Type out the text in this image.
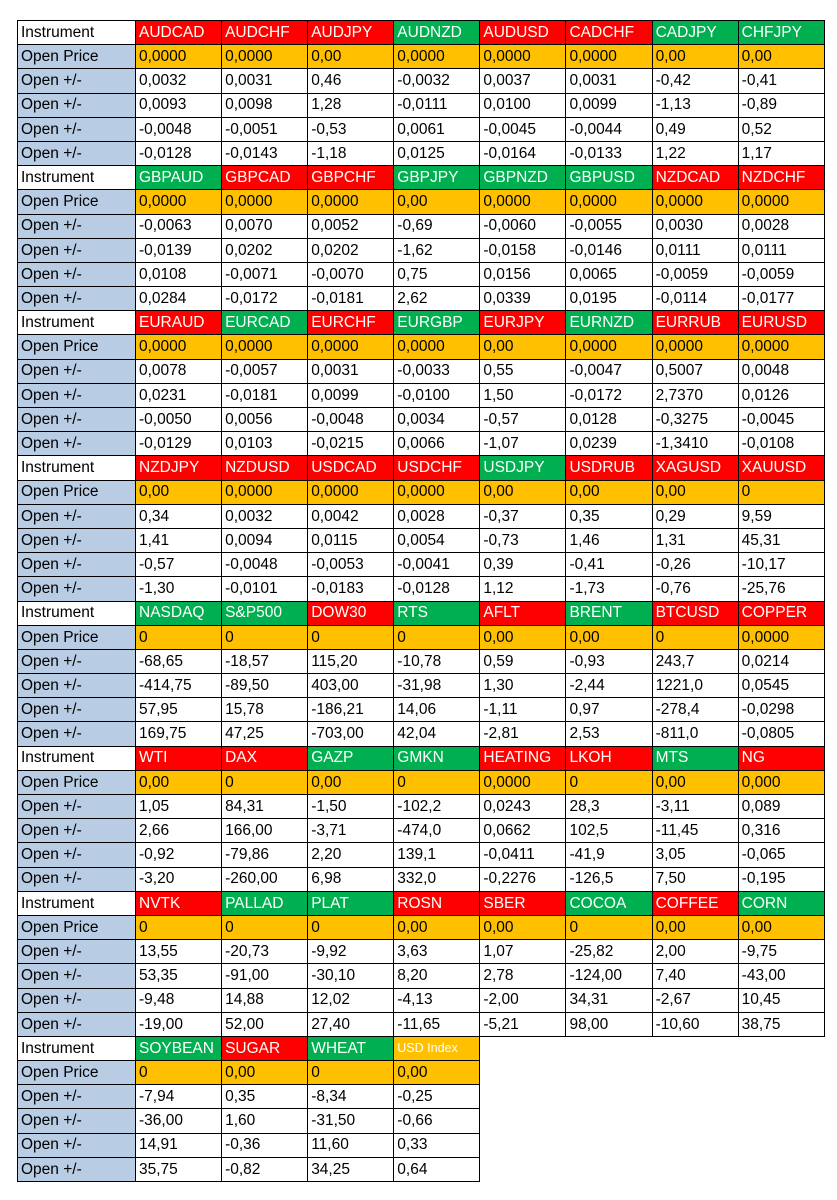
Instrument	AUDCAD	AUDCHF	AUDJPY	AUDNZD	AUDUSD	CADCHF	CADJPY	CHFJPY
Open Price	0,0000	0,0000	0,00	0,0000	0,0000	0,0000	0,00	0,00
Open +/-	0,0032	0,0031	0,46	-0,0032	0,0037	0,0031	-0,42	-0,41
Open +/-	0,0093	0,0098	1,28	-0,0111	0,0100	0,0099	-1,13	-0,89
Open +/-	-0,0048	-0,0051	-0,53	0,0061	-0,0045	-0,0044	0,49	0,52
Open +/-	-0,0128	-0,0143	-1,18	0,0125	-0,0164	-0,0133	1,22	1,17
Instrument	GBPAUD	GBPCAD	GBPCHF	GBPJPY	GBPNZD	GBPUSD	NZDCAD	NZDCHF
Open Price	0,0000	0,0000	0,0000	0,00	0,0000	0,0000	0,0000	0,0000
Open +/-	-0,0063	0,0070	0,0052	-0,69	-0,0060	-0,0055	0,0030	0,0028
Open +/-	-0,0139	0,0202	0,0202	-1,62	-0,0158	-0,0146	0,0111	0,0111
Open +/-	0,0108	-0,0071	-0,0070	0,75	0,0156	0,0065	-0,0059	-0,0059
Open +/-	0,0284	-0,0172	-0,0181	2,62	0,0339	0,0195	-0,0114	-0,0177
Instrument	EURAUD	EURCAD	EURCHF	EURGBP	EURJPY	EURNZD	EURRUB	EURUSD
Open Price	0,0000	0,0000	0,0000	0,0000	0,00	0,0000	0,0000	0,0000
Open +/-	0,0078	-0,0057	0,0031	-0,0033	0,55	-0,0047	0,5007	0,0048
Open +/-	0,0231	-0,0181	0,0099	-0,0100	1,50	-0,0172	2,7370	0,0126
Open +/-	-0,0050	0,0056	-0,0048	0,0034	-0,57	0,0128	-0,3275	-0,0045
Open +/-	-0,0129	0,0103	-0,0215	0,0066	-1,07	0,0239	-1,3410	-0,0108
Instrument	NZDJPY	NZDUSD	USDCAD	USDCHF	USDJPY	USDRUB	XAGUSD	XAUUSD
Open Price	0,00	0,0000	0,0000	0,0000	0,00	0,00	0,00	0
Open +/-	0,34	0,0032	0,0042	0,0028	-0,37	0,35	0,29	9,59
Open +/-	1,41	0,0094	0,0115	0,0054	-0,73	1,46	1,31	45,31
Open +/-	-0,57	-0,0048	-0,0053	-0,0041	0,39	-0,41	-0,26	-10,17
Open +/-	-1,30	-0,0101	-0,0183	-0,0128	1,12	-1,73	-0,76	-25,76
Instrument	NASDAQ	S&P500	DOW30	RTS	AFLT	BRENT	BTCUSD	COPPER
Open Price	0	0	0	0	0,00	0,00	0	0,0000
Open +/-	-68,65	-18,57	115,20	-10,78	0,59	-0,93	243,7	0,0214
Open +/-	-414,75	-89,50	403,00	-31,98	1,30	-2,44	1221,0	0,0545
Open +/-	57,95	15,78	-186,21	14,06	-1,11	0,97	-278,4	-0,0298
Open +/-	169,75	47,25	-703,00	42,04	-2,81	2,53	-811,0	-0,0805
Instrument	WTI	DAX	GAZP	GMKN	HEATING	LKOH	MTS	NG
Open Price	0,00	0	0,00	0	0,0000	0	0,00	0,000
Open +/-	1,05	84,31	-1,50	-102,2	0,0243	28,3	-3,11	0,089
Open +/-	2,66	166,00	-3,71	-474,0	0,0662	102,5	-11,45	0,316
Open +/-	-0,92	-79,86	2,20	139,1	-0,0411	-41,9	3,05	-0,065
Open +/-	-3,20	-260,00	6,98	332,0	-0,2276	-126,5	7,50	-0,195
Instrument	NVTK	PALLAD	PLAT	ROSN	SBER	COCOA	COFFEE	CORN
Open Price	0	0	0	0,00	0,00	0	0,00	0,00
Open +/-	13,55	-20,73	-9,92	3,63	1,07	-25,82	2,00	-9,75
Open +/-	53,35	-91,00	-30,10	8,20	2,78	-124,00	7,40	-43,00
Open +/-	-9,48	14,88	12,02	-4,13	-2,00	34,31	-2,67	10,45
Open +/-	-19,00	52,00	27,40	-11,65	-5,21	98,00	-10,60	38,75
Instrument	SOYBEAN	SUGAR	WHEAT	USD Index				
Open Price	0	0,00	0	0,00				
Open +/-	-7,94	0,35	-8,34	-0,25				
Open +/-	-36,00	1,60	-31,50	-0,66				
Open +/-	14,91	-0,36	11,60	0,33				
Open +/-	35,75	-0,82	34,25	0,64				
